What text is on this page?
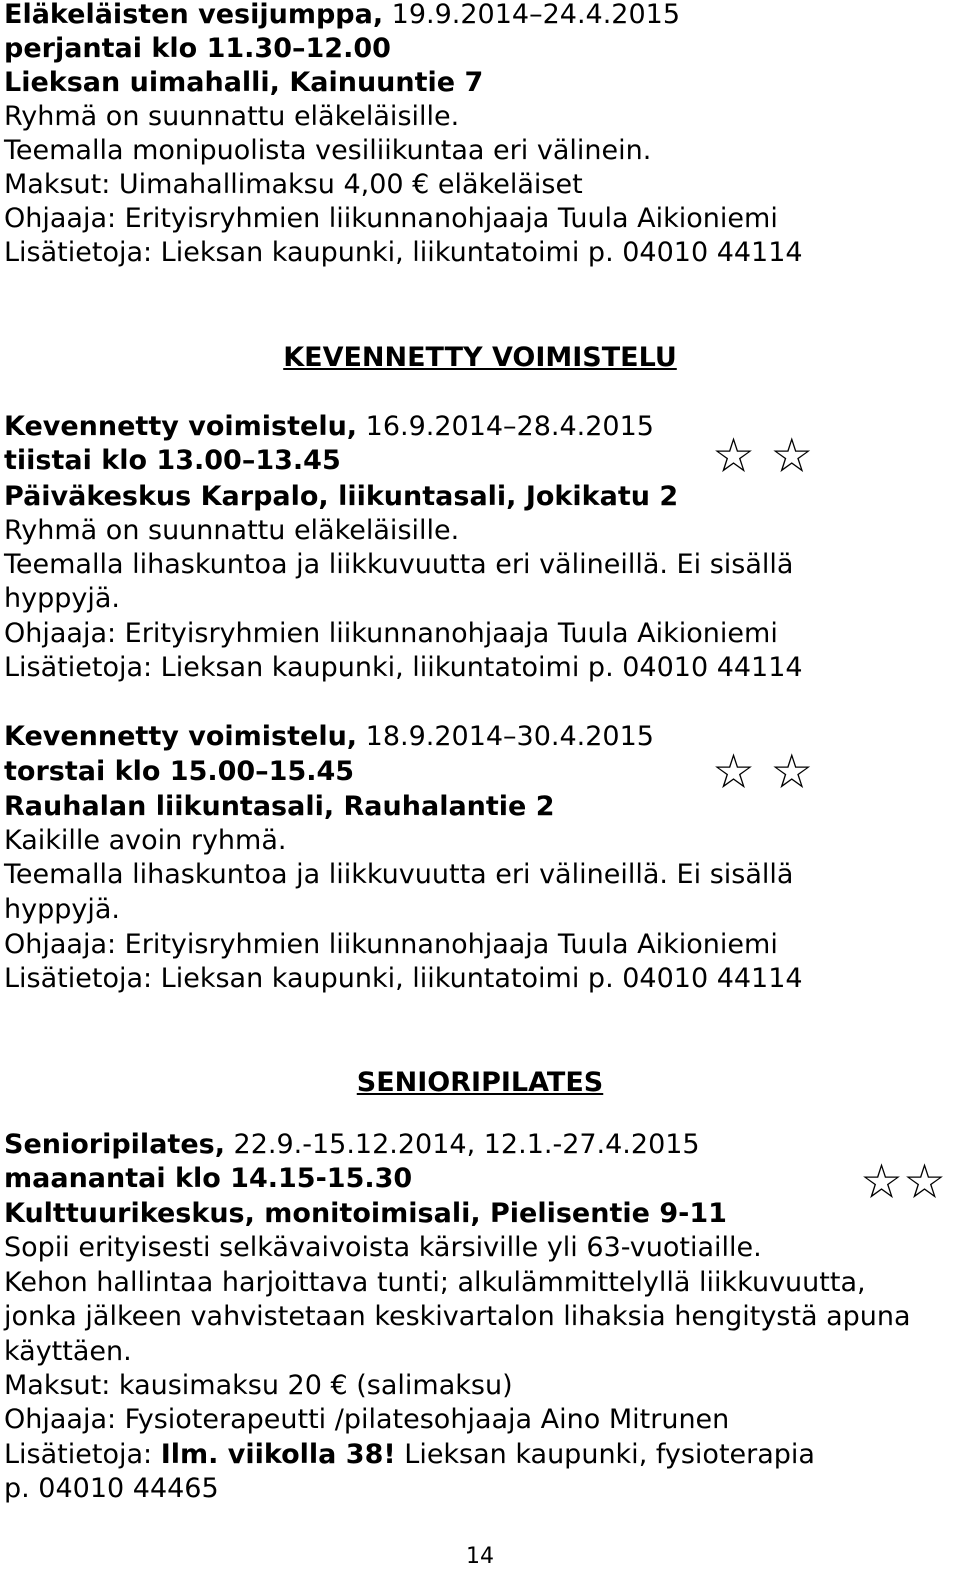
Eläkeläisten vesijumppa, 19.9.2014–24.4.2015
perjantai klo 11.30–12.00
Lieksan uimahalli, Kainuuntie 7
Ryhmä on suunnattu eläkeläisille.
Teemalla monipuolista vesiliikuntaa eri välinein.
Maksut: Uimahallimaksu 4,00 € eläkeläiset
Ohjaaja: Erityisryhmien liikunnanohjaaja Tuula Aikioniemi
Lisätietoja: Lieksan kaupunki, liikuntatoimi p. 04010 44114
KEVENNETTY VOIMISTELU
Kevennetty voimistelu, 16.9.2014–28.4.2015
tiistai klo 13.00–13.45	☆ ☆
Päiväkeskus Karpalo, liikuntasali, Jokikatu 2
Ryhmä on suunnattu eläkeläisille.
Teemalla lihaskuntoa ja liikkuvuutta eri välineillä. Ei sisällä
hyppyjä.
Ohjaaja: Erityisryhmien liikunnanohjaaja Tuula Aikioniemi
Lisätietoja: Lieksan kaupunki, liikuntatoimi p. 04010 44114
Kevennetty voimistelu, 18.9.2014–30.4.2015
torstai klo 15.00–15.45	☆ ☆
Rauhalan liikuntasali, Rauhalantie 2
Kaikille avoin ryhmä.
Teemalla lihaskuntoa ja liikkuvuutta eri välineillä. Ei sisällä
hyppyjä.
Ohjaaja: Erityisryhmien liikunnanohjaaja Tuula Aikioniemi
Lisätietoja: Lieksan kaupunki, liikuntatoimi p. 04010 44114
SENIORIPILATES
Senioripilates, 22.9.-15.12.2014, 12.1.-27.4.2015
maanantai klo 14.15-15.30	☆☆
Kulttuurikeskus, monitoimisali, Pielisentie 9-11
Sopii erityisesti selkävaivoista kärsiville yli 63-vuotiaille.
Kehon hallintaa harjoittava tunti; alkulämmittelyllä liikkuvuutta,
jonka jälkeen vahvistetaan keskivartalon lihaksia hengitystä apuna
käyttäen.
Maksut: kausimaksu 20 € (salimaksu)
Ohjaaja: Fysioterapeutti /pilatesohjaaja Aino Mitrunen
Lisätietoja: Ilm. viikolla 38! Lieksan kaupunki, fysioterapia
p. 04010 44465
14
